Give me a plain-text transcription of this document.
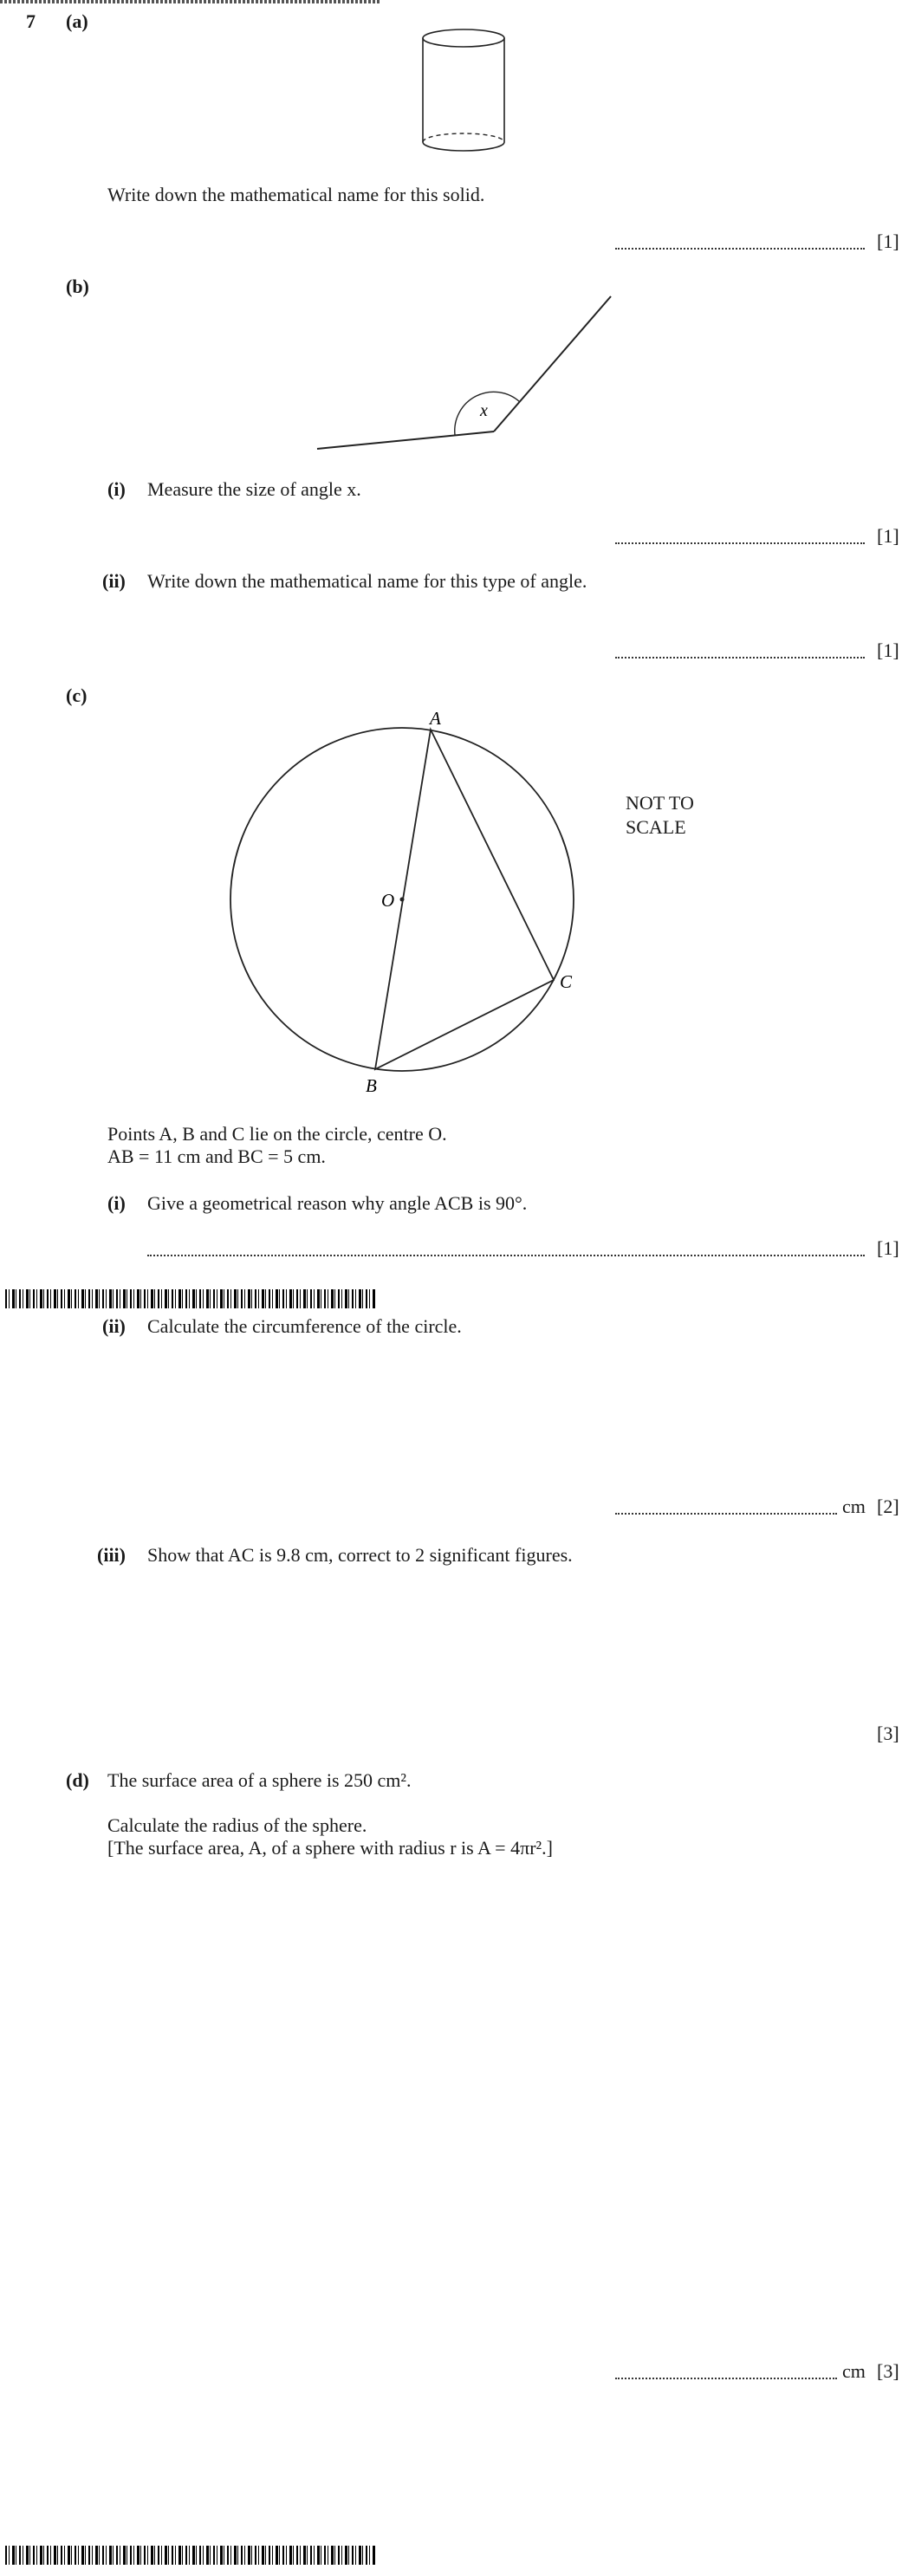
7 (a)
Write down the mathematical name for this solid.
[1]
(b)
x
(i) Measure the size of angle x.
[1]
(ii) Write down the mathematical name for this type of angle.
[1]
(c)
A
B
C
O
NOT TO
SCALE
Points A, B and C lie on the circle, centre O.
AB = 11 cm and BC = 5 cm.
(i) Give a geometrical reason why angle ACB is 90°.
[1]
(ii) Calculate the circumference of the circle.
cm [2]
(iii) Show that AC is 9.8 cm, correct to 2 significant figures.
[3]
(d) The surface area of a sphere is 250 cm².
Calculate the radius of the sphere.
[The surface area, A, of a sphere with radius r is A = 4πr².]
cm [3]
